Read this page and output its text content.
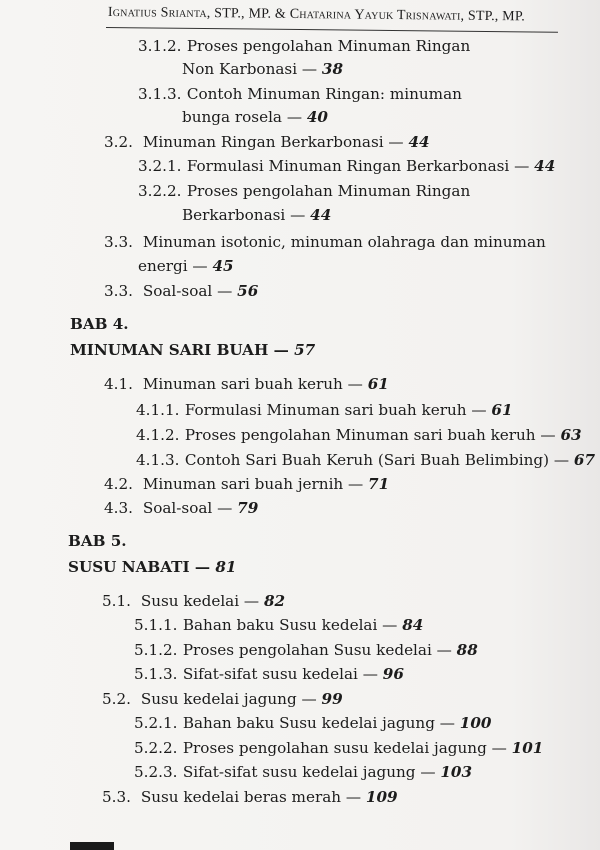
Ignatius Srianta, STP., MP. & Chatarina Yayuk Trisnawati, STP., MP.
3.1.2. Proses pengolahan Minuman Ringan
Non Karbonasi — 38
3.1.3. Contoh Minuman Ringan: minuman
bunga rosela — 40
3.2. Minuman Ringan Berkarbonasi — 44
3.2.1. Formulasi Minuman Ringan Berkarbonasi — 44
3.2.2. Proses pengolahan Minuman Ringan
Berkarbonasi — 44
3.3. Minuman isotonic, minuman olahraga dan minuman
energi — 45
3.3. Soal-soal — 56
BAB 4.
MINUMAN SARI BUAH — 57
4.1. Minuman sari buah keruh — 61
4.1.1. Formulasi Minuman sari buah keruh — 61
4.1.2. Proses pengolahan Minuman sari buah keruh — 63
4.1.3. Contoh Sari Buah Keruh (Sari Buah Belimbing) — 67
4.2. Minuman sari buah jernih — 71
4.3. Soal-soal — 79
BAB 5.
SUSU NABATI — 81
5.1. Susu kedelai — 82
5.1.1. Bahan baku Susu kedelai — 84
5.1.2. Proses pengolahan Susu kedelai — 88
5.1.3. Sifat-sifat susu kedelai — 96
5.2. Susu kedelai jagung — 99
5.2.1. Bahan baku Susu kedelai jagung — 100
5.2.2. Proses pengolahan susu kedelai jagung — 101
5.2.3. Sifat-sifat susu kedelai jagung — 103
5.3. Susu kedelai beras merah — 109
